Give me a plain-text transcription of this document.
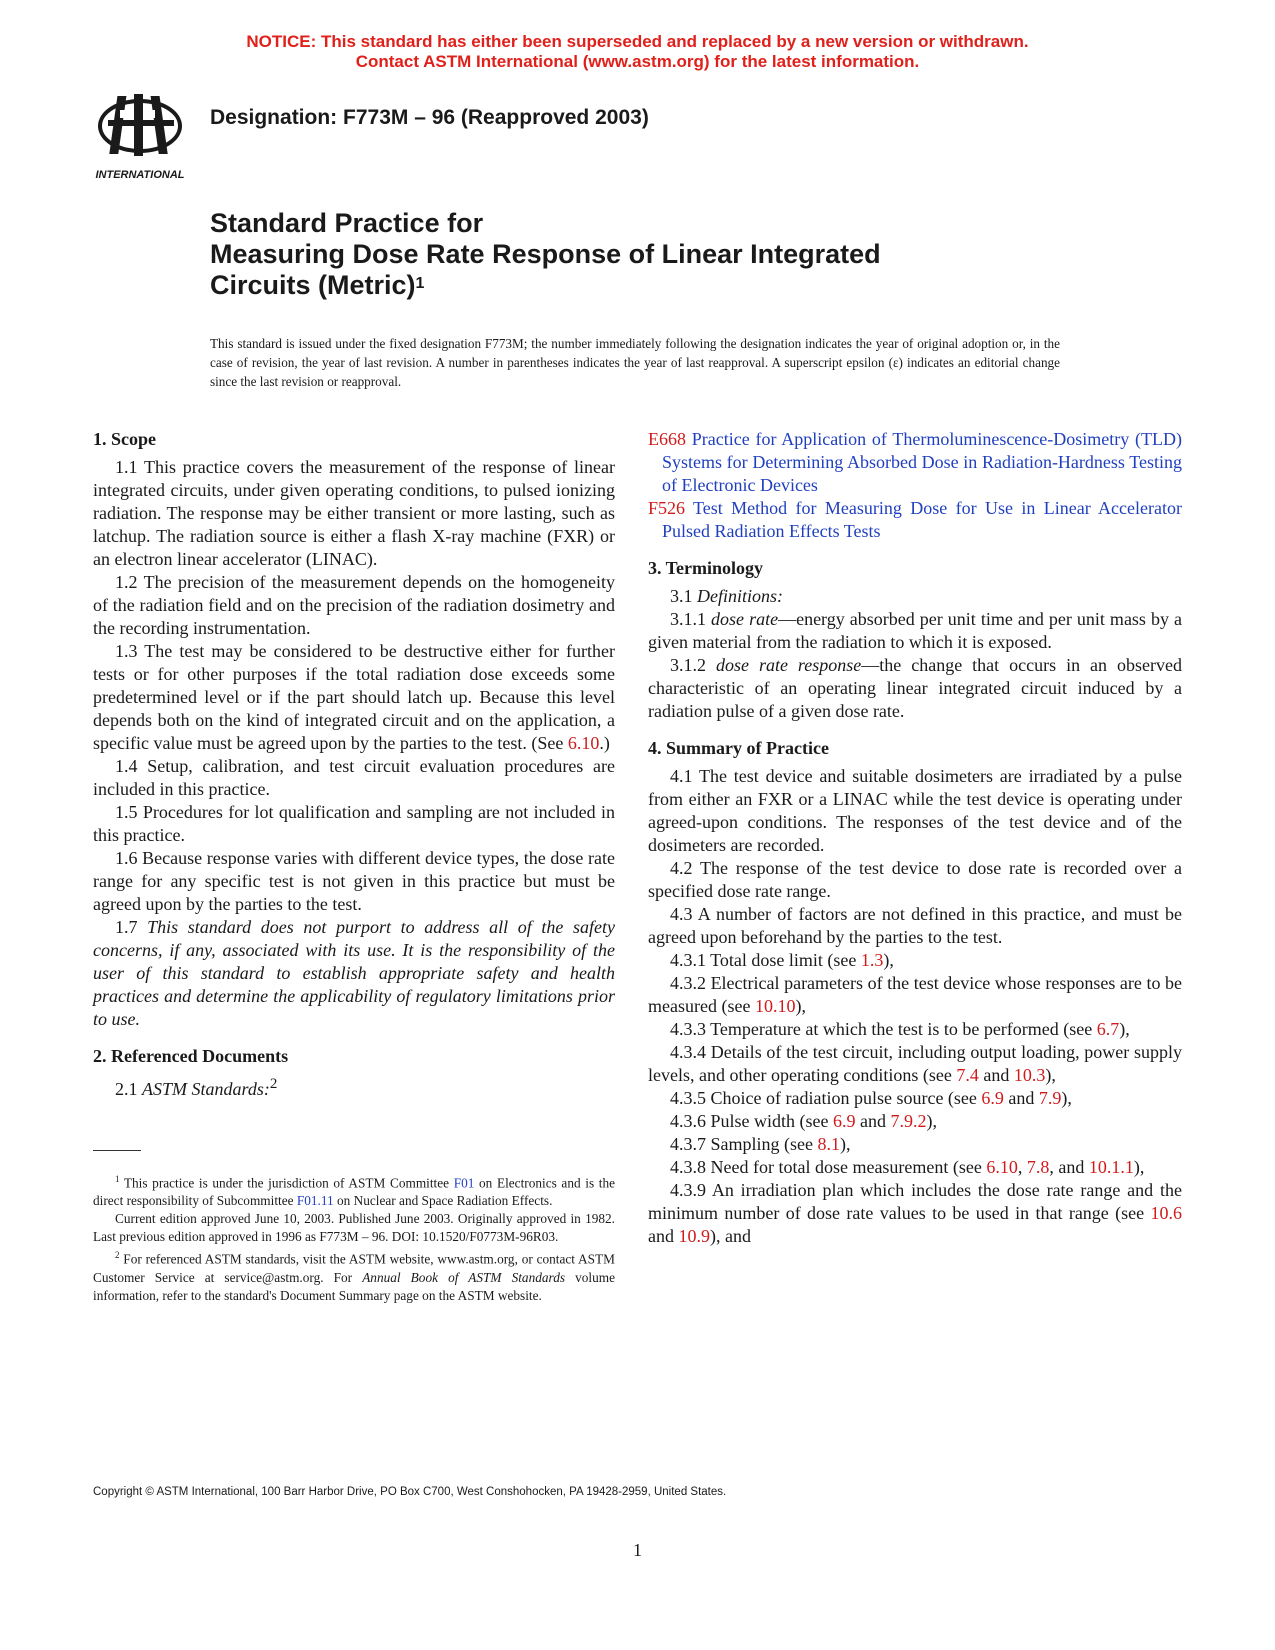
NOTICE: This standard has either been superseded and replaced by a new version or withdrawn.
Contact ASTM International (www.astm.org) for the latest information.
INTERNATIONAL
Designation: F773M – 96 (Reapproved 2003)
Standard Practice for
Measuring Dose Rate Response of Linear Integrated
Circuits (Metric)$^1$
This standard is issued under the fixed designation F773M; the number immediately following the designation indicates the year of original adoption or, in the case of revision, the year of last revision. A number in parentheses indicates the year of last reapproval. A superscript epsilon (ε) indicates an editorial change since the last revision or reapproval.

1. Scope

1.1 This practice covers the measurement of the response of linear integrated circuits, under given operating conditions, to pulsed ionizing radiation. The response may be either transient or more lasting, such as latchup. The radiation source is either a flash X-ray machine (FXR) or an electron linear accelerator (LINAC).

1.2 The precision of the measurement depends on the homogeneity of the radiation field and on the precision of the radiation dosimetry and the recording instrumentation.

1.3 The test may be considered to be destructive either for further tests or for other purposes if the total radiation dose exceeds some predetermined level or if the part should latch up. Because this level depends both on the kind of integrated circuit and on the application, a specific value must be agreed upon by the parties to the test. (See 6.10.)

1.4 Setup, calibration, and test circuit evaluation procedures are included in this practice.

1.5 Procedures for lot qualification and sampling are not included in this practice.

1.6 Because response varies with different device types, the dose rate range for any specific test is not given in this practice but must be agreed upon by the parties to the test.

1.7 This standard does not purport to address all of the safety concerns, if any, associated with its use. It is the responsibility of the user of this standard to establish appropriate safety and health practices and determine the applicability of regulatory limitations prior to use.

2. Referenced Documents

2.1 ASTM Standards:$^2$

$^1$ This practice is under the jurisdiction of ASTM Committee F01 on Electronics and is the direct responsibility of Subcommittee F01.11 on Nuclear and Space Radiation Effects.

Current edition approved June 10, 2003. Published June 2003. Originally approved in 1982. Last previous edition approved in 1996 as F773M – 96. DOI: 10.1520/F0773M-96R03.

$^2$ For referenced ASTM standards, visit the ASTM website, www.astm.org, or contact ASTM Customer Service at service@astm.org. For Annual Book of ASTM Standards volume information, refer to the standard's Document Summary page on the ASTM website.

E668 Practice for Application of Thermoluminescence-Dosimetry (TLD) Systems for Determining Absorbed Dose in Radiation-Hardness Testing of Electronic Devices

F526 Test Method for Measuring Dose for Use in Linear Accelerator Pulsed Radiation Effects Tests

3. Terminology

3.1 Definitions:

3.1.1 dose rate—energy absorbed per unit time and per unit mass by a given material from the radiation to which it is exposed.

3.1.2 dose rate response—the change that occurs in an observed characteristic of an operating linear integrated circuit induced by a radiation pulse of a given dose rate.

4. Summary of Practice

4.1 The test device and suitable dosimeters are irradiated by a pulse from either an FXR or a LINAC while the test device is operating under agreed-upon conditions. The responses of the test device and of the dosimeters are recorded.

4.2 The response of the test device to dose rate is recorded over a specified dose rate range.

4.3 A number of factors are not defined in this practice, and must be agreed upon beforehand by the parties to the test.

4.3.1 Total dose limit (see 1.3),

4.3.2 Electrical parameters of the test device whose responses are to be measured (see 10.10),

4.3.3 Temperature at which the test is to be performed (see 6.7),

4.3.4 Details of the test circuit, including output loading, power supply levels, and other operating conditions (see 7.4 and 10.3),

4.3.5 Choice of radiation pulse source (see 6.9 and 7.9),

4.3.6 Pulse width (see 6.9 and 7.9.2),

4.3.7 Sampling (see 8.1),

4.3.8 Need for total dose measurement (see 6.10, 7.8, and 10.1.1),

4.3.9 An irradiation plan which includes the dose rate range and the minimum number of dose rate values to be used in that range (see 10.6 and 10.9), and

Copyright © ASTM International, 100 Barr Harbor Drive, PO Box C700, West Conshohocken, PA 19428-2959, United States.
1
